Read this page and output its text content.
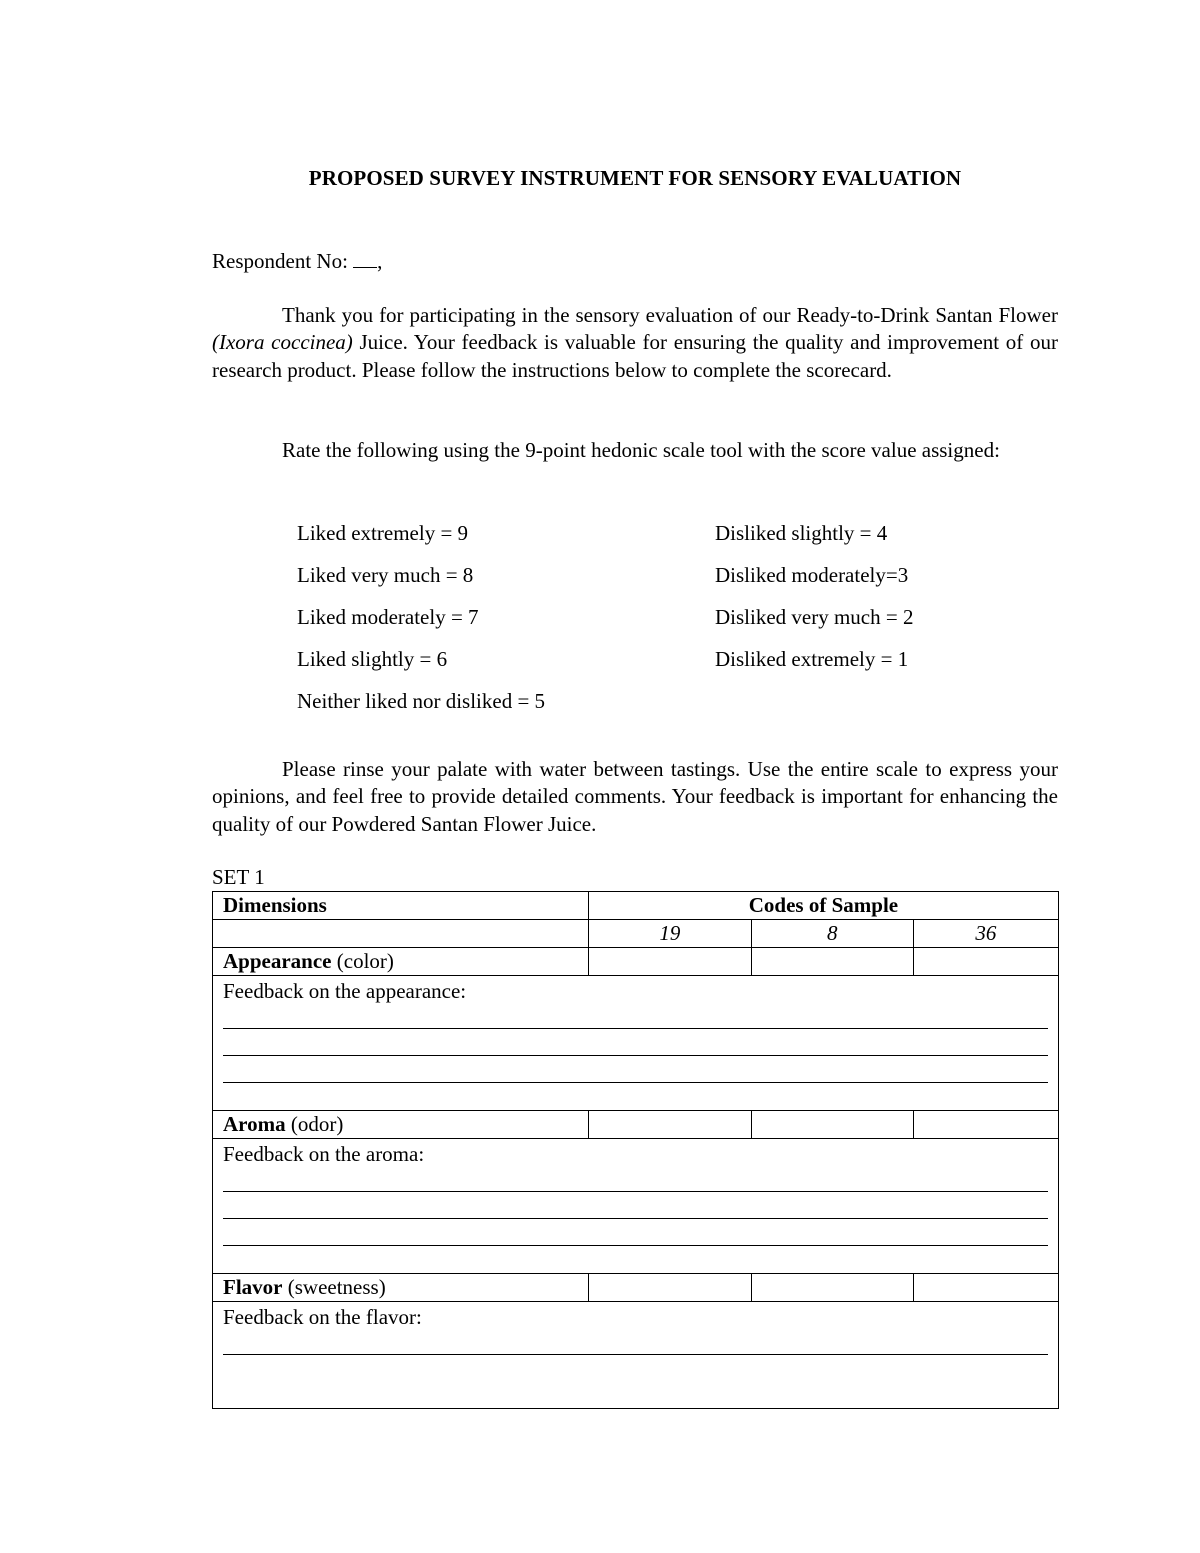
PROPOSED SURVEY INSTRUMENT FOR SENSORY EVALUATION
Respondent No: ,

Thank you for participating in the sensory evaluation of our Ready-to-Drink Santan Flower (Ixora coccinea) Juice. Your feedback is valuable for ensuring the quality and improvement of our research product. Please follow the instructions below to complete the scorecard.

Rate the following using the 9-point hedonic scale tool with the score value assigned:

Liked extremely = 9
Liked very much = 8
Liked moderately = 7
Liked slightly = 6
Neither liked nor disliked = 5
Disliked slightly = 4
Disliked moderately=3
Disliked very much = 2
Disliked extremely = 1

Please rinse your palate with water between tastings. Use the entire scale to express your opinions, and feel free to provide detailed comments. Your feedback is important for enhancing the quality of our Powdered Santan Flower Juice.

SET 1
Dimensions	Codes of Sample		
	19	8	36
Appearance (color)			

Feedback on the appearance:			

Aroma (odor)			

Feedback on the aroma:			

Flavor (sweetness)			

Feedback on the flavor:			
